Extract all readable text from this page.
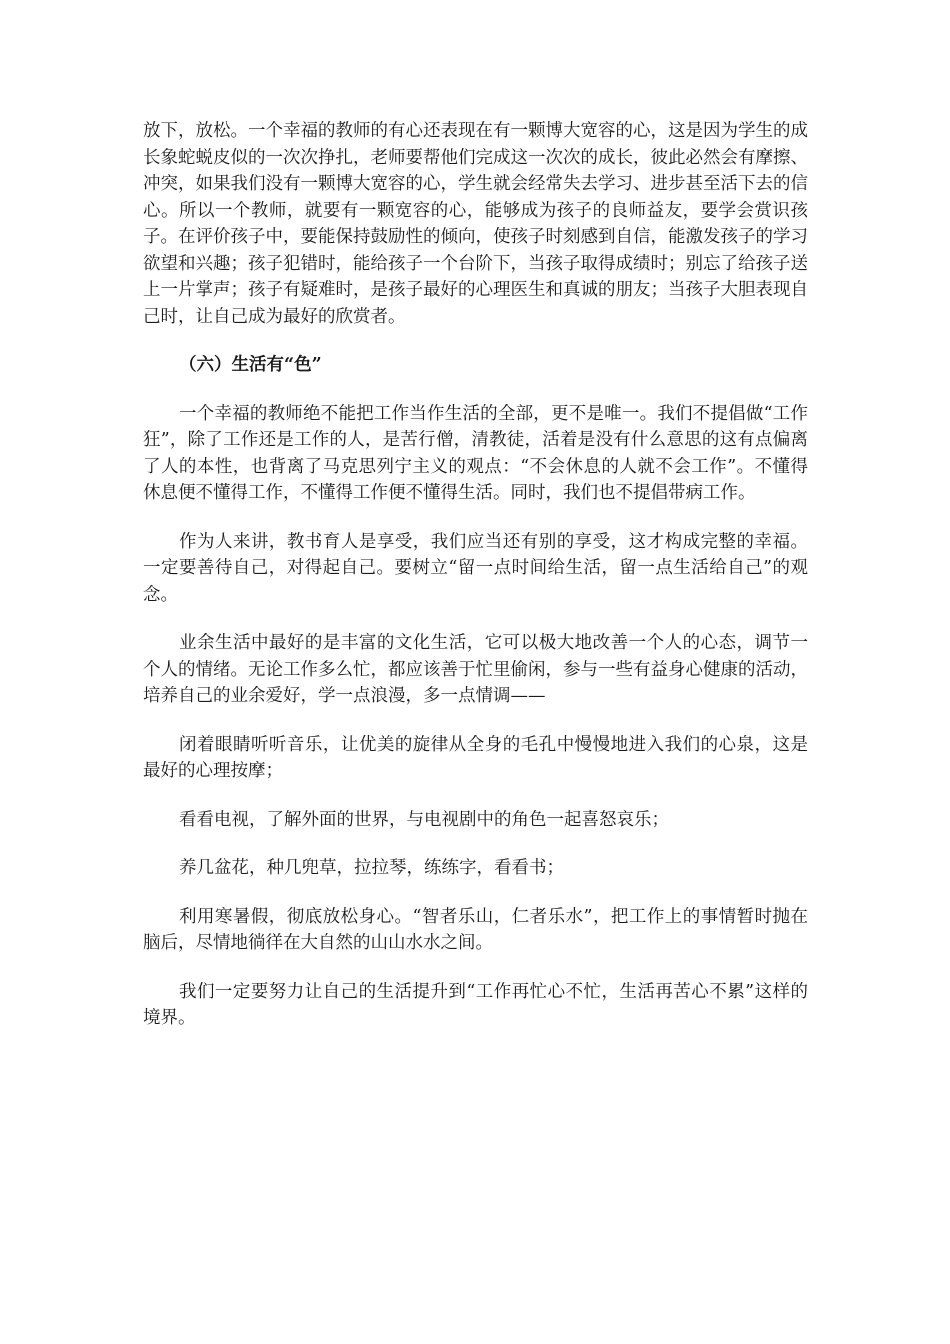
放下，放松。一个幸福的教师的有心还表现在有一颗博大宽容的心，这是因为学生的成长象蛇蜕皮似的一次次挣扎，老师要帮他们完成这一次次的成长，彼此必然会有摩擦、冲突，如果我们没有一颗博大宽容的心，学生就会经常失去学习、进步甚至活下去的信心。所以一个教师，就要有一颗宽容的心，能够成为孩子的良师益友，要学会赏识孩子。在评价孩子中，要能保持鼓励性的倾向，使孩子时刻感到自信，能激发孩子的学习欲望和兴趣；孩子犯错时，能给孩子一个台阶下，当孩子取得成绩时；别忘了给孩子送上一片掌声；孩子有疑难时，是孩子最好的心理医生和真诚的朋友；当孩子大胆表现自己时，让自己成为最好的欣赏者。

（六）生活有“色”

一个幸福的教师绝不能把工作当作生活的全部，更不是唯一。我们不提倡做“工作狂”，除了工作还是工作的人，是苦行僧，清教徒，活着是没有什么意思的这有点偏离了人的本性，也背离了马克思列宁主义的观点：“不会休息的人就不会工作”。不懂得休息便不懂得工作，不懂得工作便不懂得生活。同时，我们也不提倡带病工作。

作为人来讲，教书育人是享受，我们应当还有别的享受，这才构成完整的幸福。一定要善待自己，对得起自己。要树立“留一点时间给生活，留一点生活给自己”的观念。

业余生活中最好的是丰富的文化生活，它可以极大地改善一个人的心态，调节一个人的情绪。无论工作多么忙，都应该善于忙里偷闲，参与一些有益身心健康的活动，培养自己的业余爱好，学一点浪漫，多一点情调——

闭着眼睛听听音乐，让优美的旋律从全身的毛孔中慢慢地进入我们的心泉，这是最好的心理按摩；

看看电视，了解外面的世界，与电视剧中的角色一起喜怒哀乐；

养几盆花，种几兜草，拉拉琴，练练字，看看书；

利用寒暑假，彻底放松身心。“智者乐山，仁者乐水”，把工作上的事情暂时抛在脑后，尽情地徜徉在大自然的山山水水之间。

我们一定要努力让自己的生活提升到“工作再忙心不忙，生活再苦心不累”这样的境界。
